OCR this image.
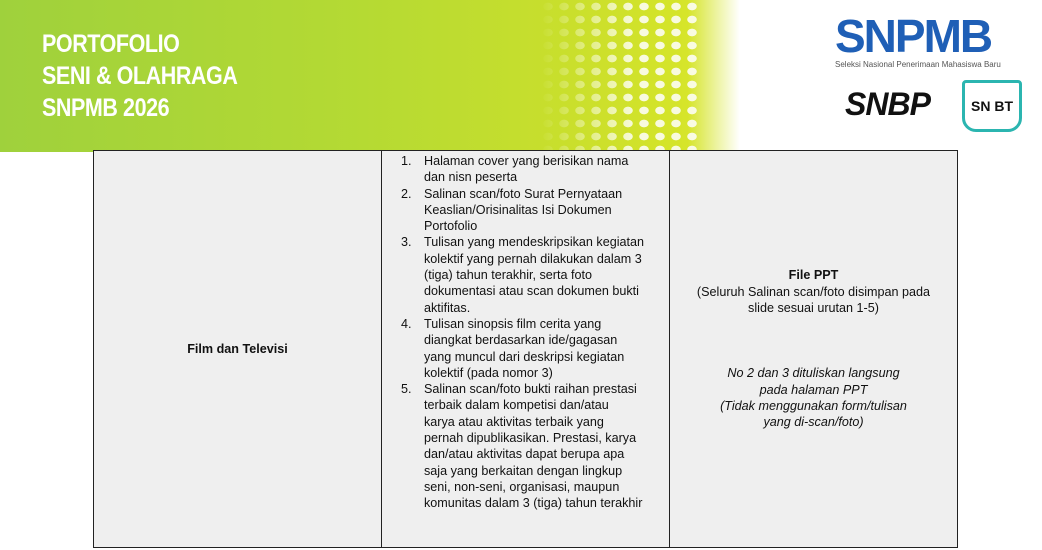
PORTOFOLIO
SENI & OLAHRAGA
SNPMB 2026
SNPMB
Seleksi Nasional Penerimaan Mahasiswa Baru
SNBP	SN
BT
Film dan Televisi	
1. Halaman cover yang berisikan nama
dan nisn peserta
2. Salinan scan/foto Surat Pernyataan
Keaslian/Orisinalitas Isi Dokumen
Portofolio
3. Tulisan yang mendeskripsikan kegiatan
kolektif yang pernah dilakukan dalam 3
(tiga) tahun terakhir, serta foto
dokumentasi atau scan dokumen bukti
aktifitas.
4. Tulisan sinopsis film cerita yang
diangkat berdasarkan ide/gagasan
yang muncul dari deskripsi kegiatan
kolektif (pada nomor 3)
5. Salinan scan/foto bukti raihan prestasi
terbaik dalam kompetisi dan/atau
karya atau aktivitas terbaik yang
pernah dipublikasikan. Prestasi, karya
dan/atau aktivitas dapat berupa apa
saja yang berkaitan dengan lingkup
seni, non-seni, organisasi, maupun
komunitas dalam 3 (tiga) tahun terakhir

File PPT
(Seluruh Salinan scan/foto disimpan pada
slide sesuai urutan 1-5)
No 2 dan 3 dituliskan langsung
pada halaman PPT
(Tidak menggunakan form/tulisan
yang di-scan/foto)
